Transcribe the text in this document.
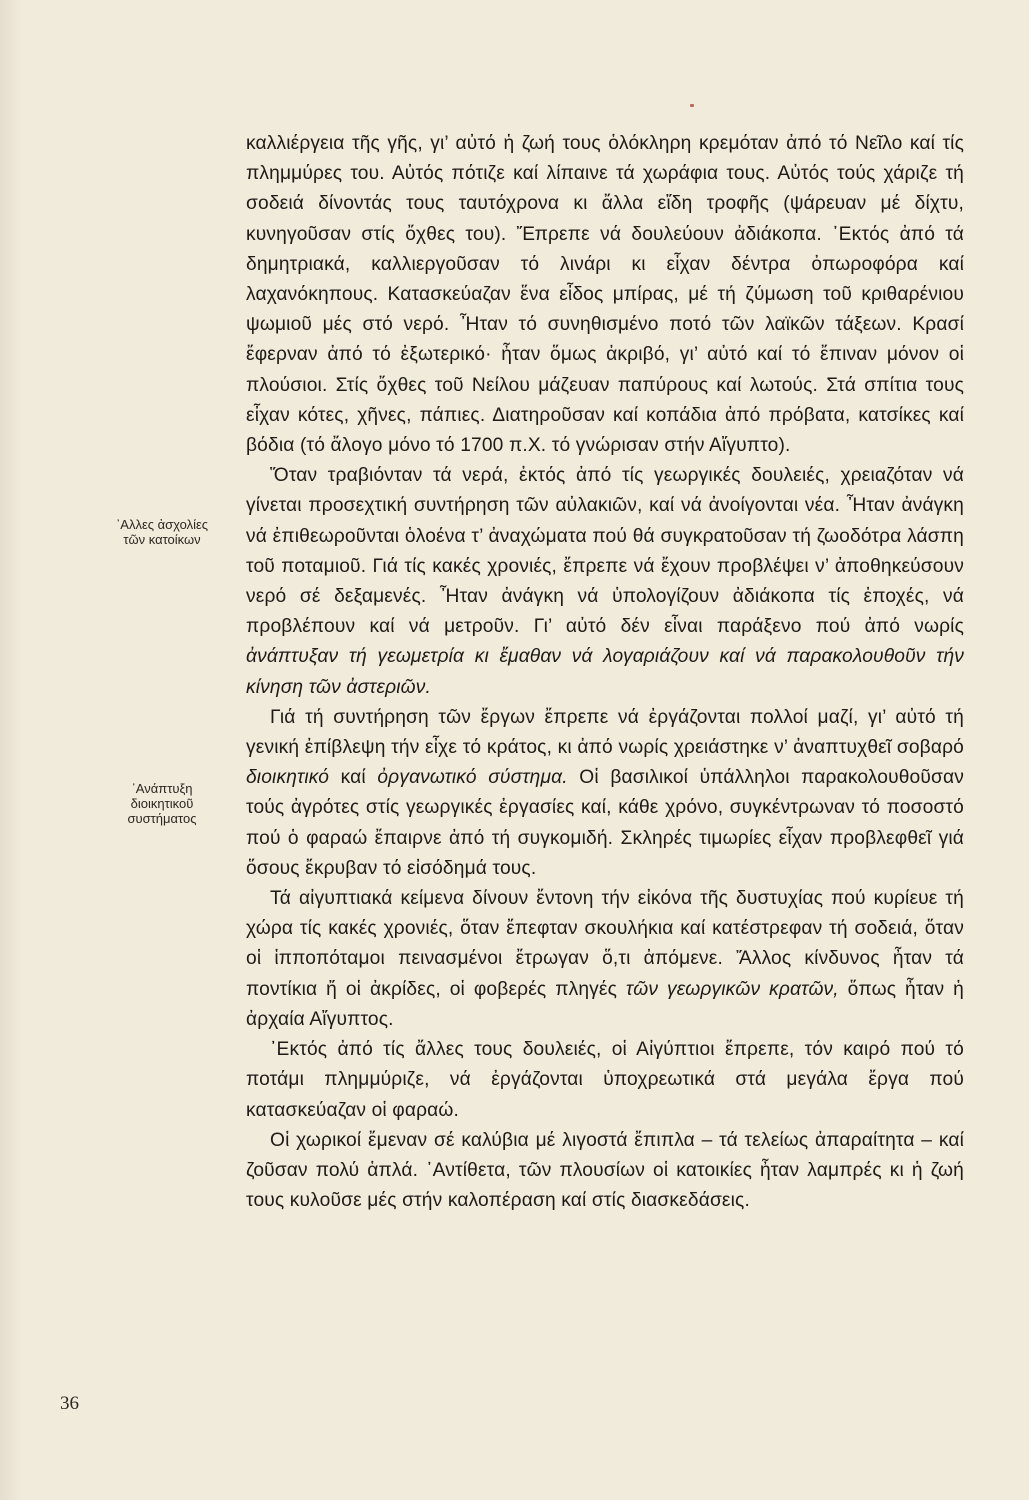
᾿Αλλες ἀσχολίες

τῶν κατοίκων

᾿Ανάπτυξη

διοικητικοῦ

συστήματος

καλλιέργεια τῆς γῆς, γι’ αὐτό ἡ ζωή τους ὁλόκληρη κρεμόταν ἀπό τό Νεῖλο καί τίς πλημμύρες του. Αὐτός πότιζε καί λίπαινε τά χωράφια τους. Αὐτός τούς χάριζε τή σοδειά δίνοντάς τους ταυτόχρονα κι ἄλλα εἴδη τροφῆς (ψάρευαν μέ δίχτυ, κυνηγοῦσαν στίς ὄχθες του). Ἔπρεπε νά δουλεύουν ἀδιάκοπα. ᾿Εκτός ἀπό τά δημητριακά, καλλιεργοῦσαν τό λινάρι κι εἶχαν δέντρα ὀπωροφόρα καί λαχανόκηπους. Κατασκεύαζαν ἕνα εἶδος μπίρας, μέ τή ζύμωση τοῦ κριθαρένιου ψωμιοῦ μές στό νερό. Ἦταν τό συνηθισμένο ποτό τῶν λαϊκῶν τάξεων. Κρασί ἔφερναν ἀπό τό ἐξωτερικό· ἦταν ὅμως ἀκριβό, γι’ αὐτό καί τό ἔπιναν μόνον οἱ πλούσιοι. Στίς ὄχθες τοῦ Νείλου μάζευαν παπύρους καί λωτούς. Στά σπίτια τους εἶχαν κότες, χῆνες, πάπιες. Διατηροῦσαν καί κοπάδια ἀπό πρόβατα, κατσίκες καί βόδια (τό ἄλογο μόνο τό 1700 π.Χ. τό γνώρισαν στήν Αἴγυπτο).

Ὅταν τραβιόνταν τά νερά, ἐκτός ἀπό τίς γεωργικές δουλειές, χρειαζόταν νά γίνεται προσεχτική συντήρηση τῶν αὐλακιῶν, καί νά ἀνοίγονται νέα. Ἦταν ἀνάγκη νά ἐπιθεωροῦνται ὁλοένα τ’ ἀναχώματα πού θά συγκρατοῦσαν τή ζωοδότρα λάσπη τοῦ ποταμιοῦ. Γιά τίς κακές χρονιές, ἔπρεπε νά ἔχουν προβλέψει ν’ ἀποθηκεύσουν νερό σέ δεξαμενές. Ἦταν ἀνάγκη νά ὑπολογίζουν ἀδιάκοπα τίς ἐποχές, νά προβλέπουν καί νά μετροῦν. Γι’ αὐτό δέν εἶναι παράξενο πού ἀπό νωρίς ἀνάπτυξαν τή γεωμετρία κι ἔμαθαν νά λογαριάζουν καί νά παρακολουθοῦν τήν κίνηση τῶν ἀστεριῶν.

Γιά τή συντήρηση τῶν ἔργων ἔπρεπε νά ἐργάζονται πολλοί μαζί, γι’ αὐτό τή γενική ἐπίβλεψη τήν εἶχε τό κράτος, κι ἀπό νωρίς χρειάστηκε ν’ ἀναπτυχθεῖ σοβαρό διοικητικό καί ὀργανωτικό σύστημα. Οἱ βασιλικοί ὑπάλληλοι παρακολουθοῦσαν τούς ἀγρότες στίς γεωργικές ἐργασίες καί, κάθε χρόνο, συγκέντρωναν τό ποσοστό πού ὁ φαραώ ἔπαιρνε ἀπό τή συγκομιδή. Σκληρές τιμωρίες εἶχαν προβλεφθεῖ γιά ὅσους ἔκρυβαν τό εἰσόδημά τους.

Τά αἰγυπτιακά κείμενα δίνουν ἔντονη τήν εἰκόνα τῆς δυστυχίας πού κυρίευε τή χώρα τίς κακές χρονιές, ὅταν ἔπεφταν σκουλήκια καί κατέστρεφαν τή σοδειά, ὅταν οἱ ἱπποπόταμοι πεινασμένοι ἔτρωγαν ὅ,τι ἀπόμενε. Ἄλλος κίνδυνος ἦταν τά ποντίκια ἤ οἱ ἀκρίδες, οἱ φοβερές πληγές τῶν γεωργικῶν κρατῶν, ὅπως ἦταν ἡ ἀρχαία Αἴγυπτος.

᾿Εκτός ἀπό τίς ἄλλες τους δουλειές, οἱ Αἰγύπτιοι ἔπρεπε, τόν καιρό πού τό ποτάμι πλημμύριζε, νά ἐργάζονται ὑποχρεωτικά στά μεγάλα ἔργα πού κατασκεύαζαν οἱ φαραώ.

Οἱ χωρικοί ἔμεναν σέ καλύβια μέ λιγοστά ἔπιπλα – τά τελείως ἀπαραίτητα – καί ζοῦσαν πολύ ἁπλά. ᾿Αντίθετα, τῶν πλουσίων οἱ κατοικίες ἦταν λαμπρές κι ἡ ζωή τους κυλοῦσε μές στήν καλοπέραση καί στίς διασκεδάσεις.

36
